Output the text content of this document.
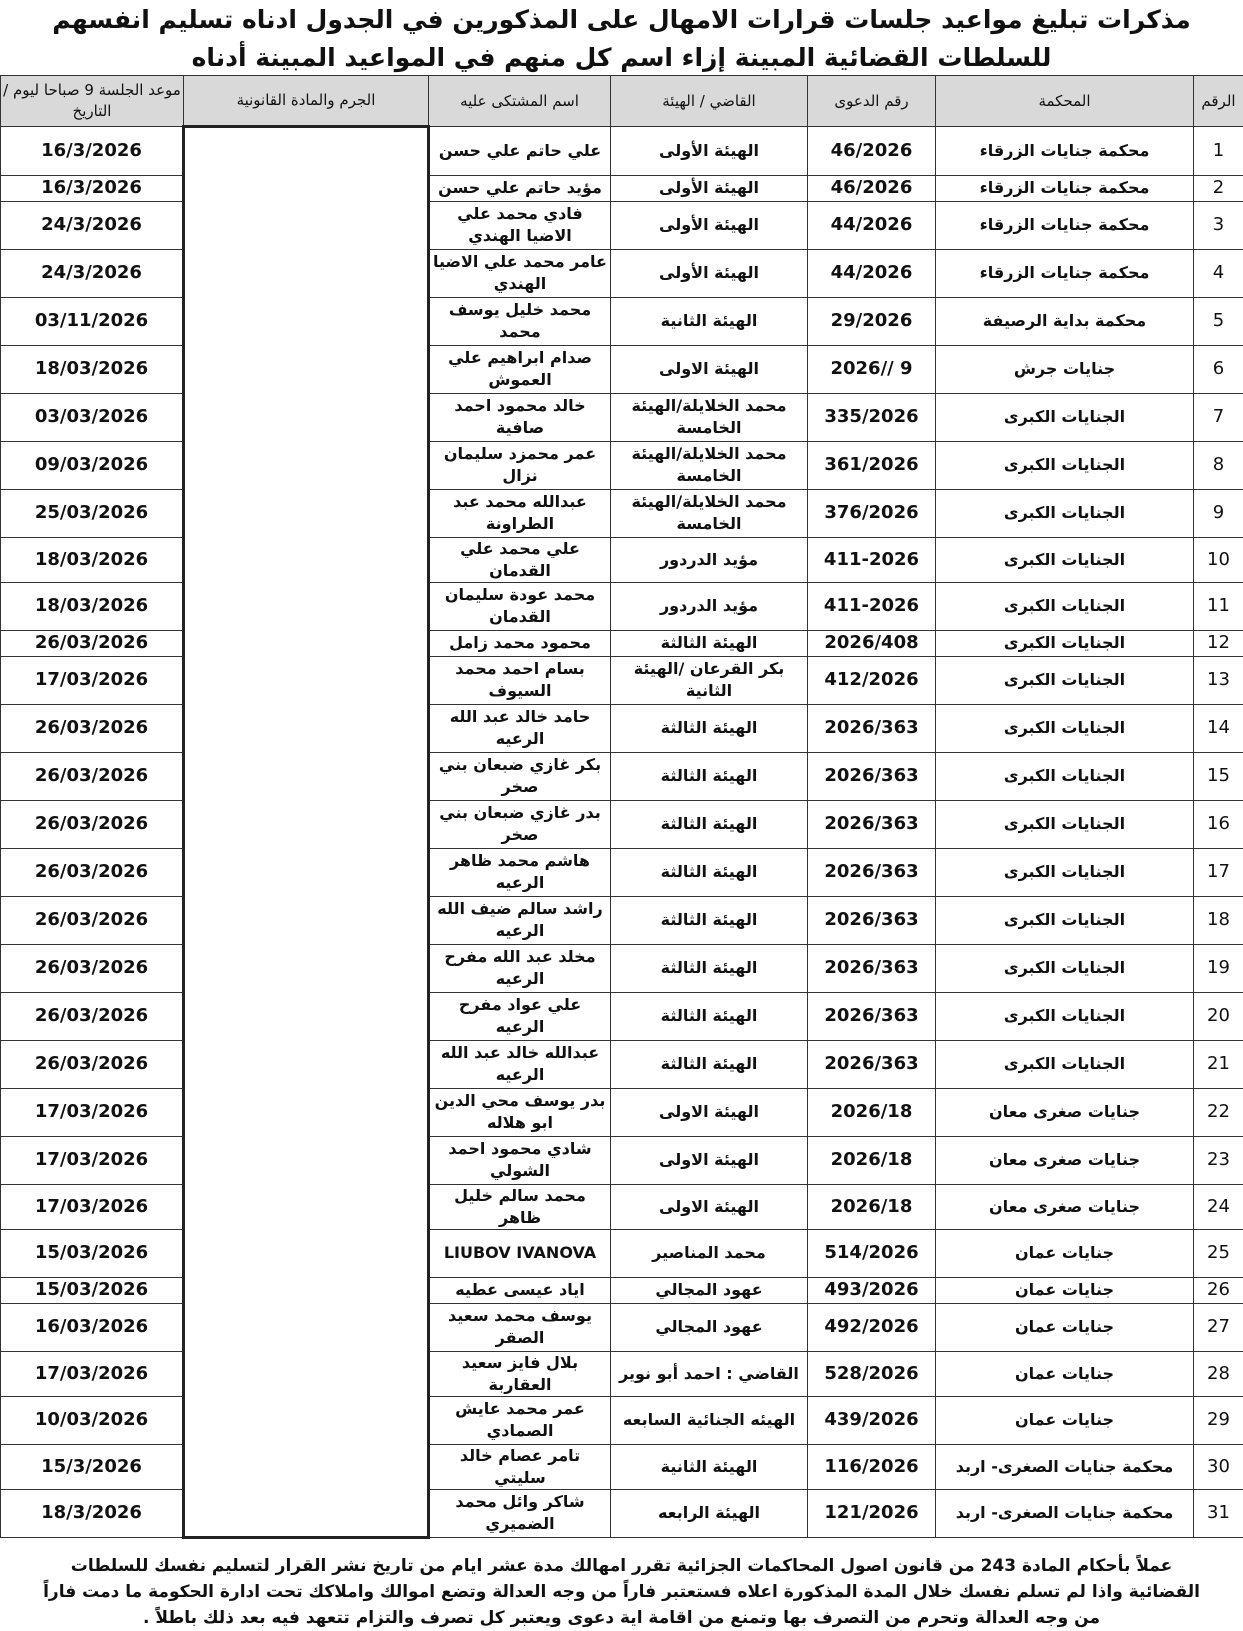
مذكرات تبليغ مواعيد جلسات قرارات الامهال على المذكورين في الجدول ادناه تسليم انفسهم للسلطات القضائية المبينة إزاء اسم كل منهم في المواعيد المبينة أدناه
الرقم	المحكمة	رقم الدعوى	القاضي / الهيئة	اسم المشتكى عليه	الجرم والمادة القانونية	موعد الجلسة 9 صباحا ليوم / التاريخ
1	محكمة جنايات الزرقاء	46/2026	الهيئة الأولى	علي حاتم علي حسن		16/3/2026
2	محكمة جنايات الزرقاء	46/2026	الهيئة الأولى	مؤيد حاتم علي حسن		16/3/2026
3	محكمة جنايات الزرقاء	44/2026	الهيئة الأولى	فادي محمد علي الاضيا الهندي		24/3/2026
4	محكمة جنايات الزرقاء	44/2026	الهيئة الأولى	عامر محمد علي الاضيا الهندي		24/3/2026
5	محكمة بداية الرصيفة	29/2026	الهيئة الثانية	محمد خليل يوسف محمد		03/11/2026
6	جنايات جرش	9 //2026	الهيئة الاولى	صدام ابراهيم علي العموش		18/03/2026
7	الجنايات الكبرى	335/2026	محمد الخلايلة/الهيئة الخامسة	خالد محمود احمد صافية		03/03/2026
8	الجنايات الكبرى	361/2026	محمد الخلايلة/الهيئة الخامسة	عمر محمزد سليمان نزال		09/03/2026
9	الجنايات الكبرى	376/2026	محمد الخلايلة/الهيئة الخامسة	عبدالله محمد عبد الطراونة		25/03/2026
10	الجنايات الكبرى	411-2026	مؤيد الدردور	علي محمد علي القدمان		18/03/2026
11	الجنايات الكبرى	411-2026	مؤيد الدردور	محمد عودة سليمان القدمان		18/03/2026
12	الجنايات الكبرى	2026/408	الهيئة الثالثة	محمود محمد زامل		26/03/2026
13	الجنايات الكبرى	412/2026	بكر القرعان /الهيئة الثانية	بسام احمد محمد السيوف		17/03/2026
14	الجنايات الكبرى	2026/363	الهيئة الثالثة	حامد خالد عبد الله الرعيه		26/03/2026
15	الجنايات الكبرى	2026/363	الهيئة الثالثة	بكر غازي ضبعان بني صخر		26/03/2026
16	الجنايات الكبرى	2026/363	الهيئة الثالثة	بدر غازي ضبعان بني صخر		26/03/2026
17	الجنايات الكبرى	2026/363	الهيئة الثالثة	هاشم محمد ظاهر الرعيه		26/03/2026
18	الجنايات الكبرى	2026/363	الهيئة الثالثة	راشد سالم ضيف الله الرعيه		26/03/2026
19	الجنايات الكبرى	2026/363	الهيئة الثالثة	مخلد عبد الله مفرح الرعيه		26/03/2026
20	الجنايات الكبرى	2026/363	الهيئة الثالثة	علي عواد مفرح الرعيه		26/03/2026
21	الجنايات الكبرى	2026/363	الهيئة الثالثة	عبدالله خالد عبد الله الرعيه		26/03/2026
22	جنايات صغرى معان	2026/18	الهيئة الاولى	بدر يوسف محي الدين ابو هلاله		17/03/2026
23	جنايات صغرى معان	2026/18	الهيئة الاولى	شادي محمود احمد الشولي		17/03/2026
24	جنايات صغرى معان	2026/18	الهيئة الاولى	محمد سالم خليل ظاهر		17/03/2026
25	جنايات عمان	514/2026	محمد المناصير	LIUBOV IVANOVA		15/03/2026
26	جنايات عمان	493/2026	عهود المجالي	اياد عيسى عطيه		15/03/2026
27	جنايات عمان	492/2026	عهود المجالي	يوسف محمد سعيد الصقر		16/03/2026
28	جنايات عمان	528/2026	القاضي : احمد أبو نوير	بلال فايز سعيد العقاربة		17/03/2026
29	جنايات عمان	439/2026	الهيئه الجنائية السابعه	عمر محمد عايش الصمادي		10/03/2026
30	محكمة جنايات الصغرى- اربد	116/2026	الهيئة الثانية	تامر عصام خالد سليتي		15/3/2026
31	محكمة جنايات الصغرى- اربد	121/2026	الهيئة الرابعه	شاكر وائل محمد الضميري		18/3/2026
عملاً بأحكام المادة 243 من قانون اصول المحاكمات الجزائية تقرر امهالك مدة عشر ايام من تاريخ نشر القرار لتسليم نفسك للسلطات القضائية واذا لم تسلم نفسك خلال المدة المذكورة اعلاه فستعتبر فاراً من وجه العدالة وتضع اموالك واملاكك تحت ادارة الحكومة ما دمت فاراً من وجه العدالة وتحرم من التصرف بها وتمنع من اقامة اية دعوى ويعتبر كل تصرف والتزام تتعهد فيه بعد ذلك باطلاً .
